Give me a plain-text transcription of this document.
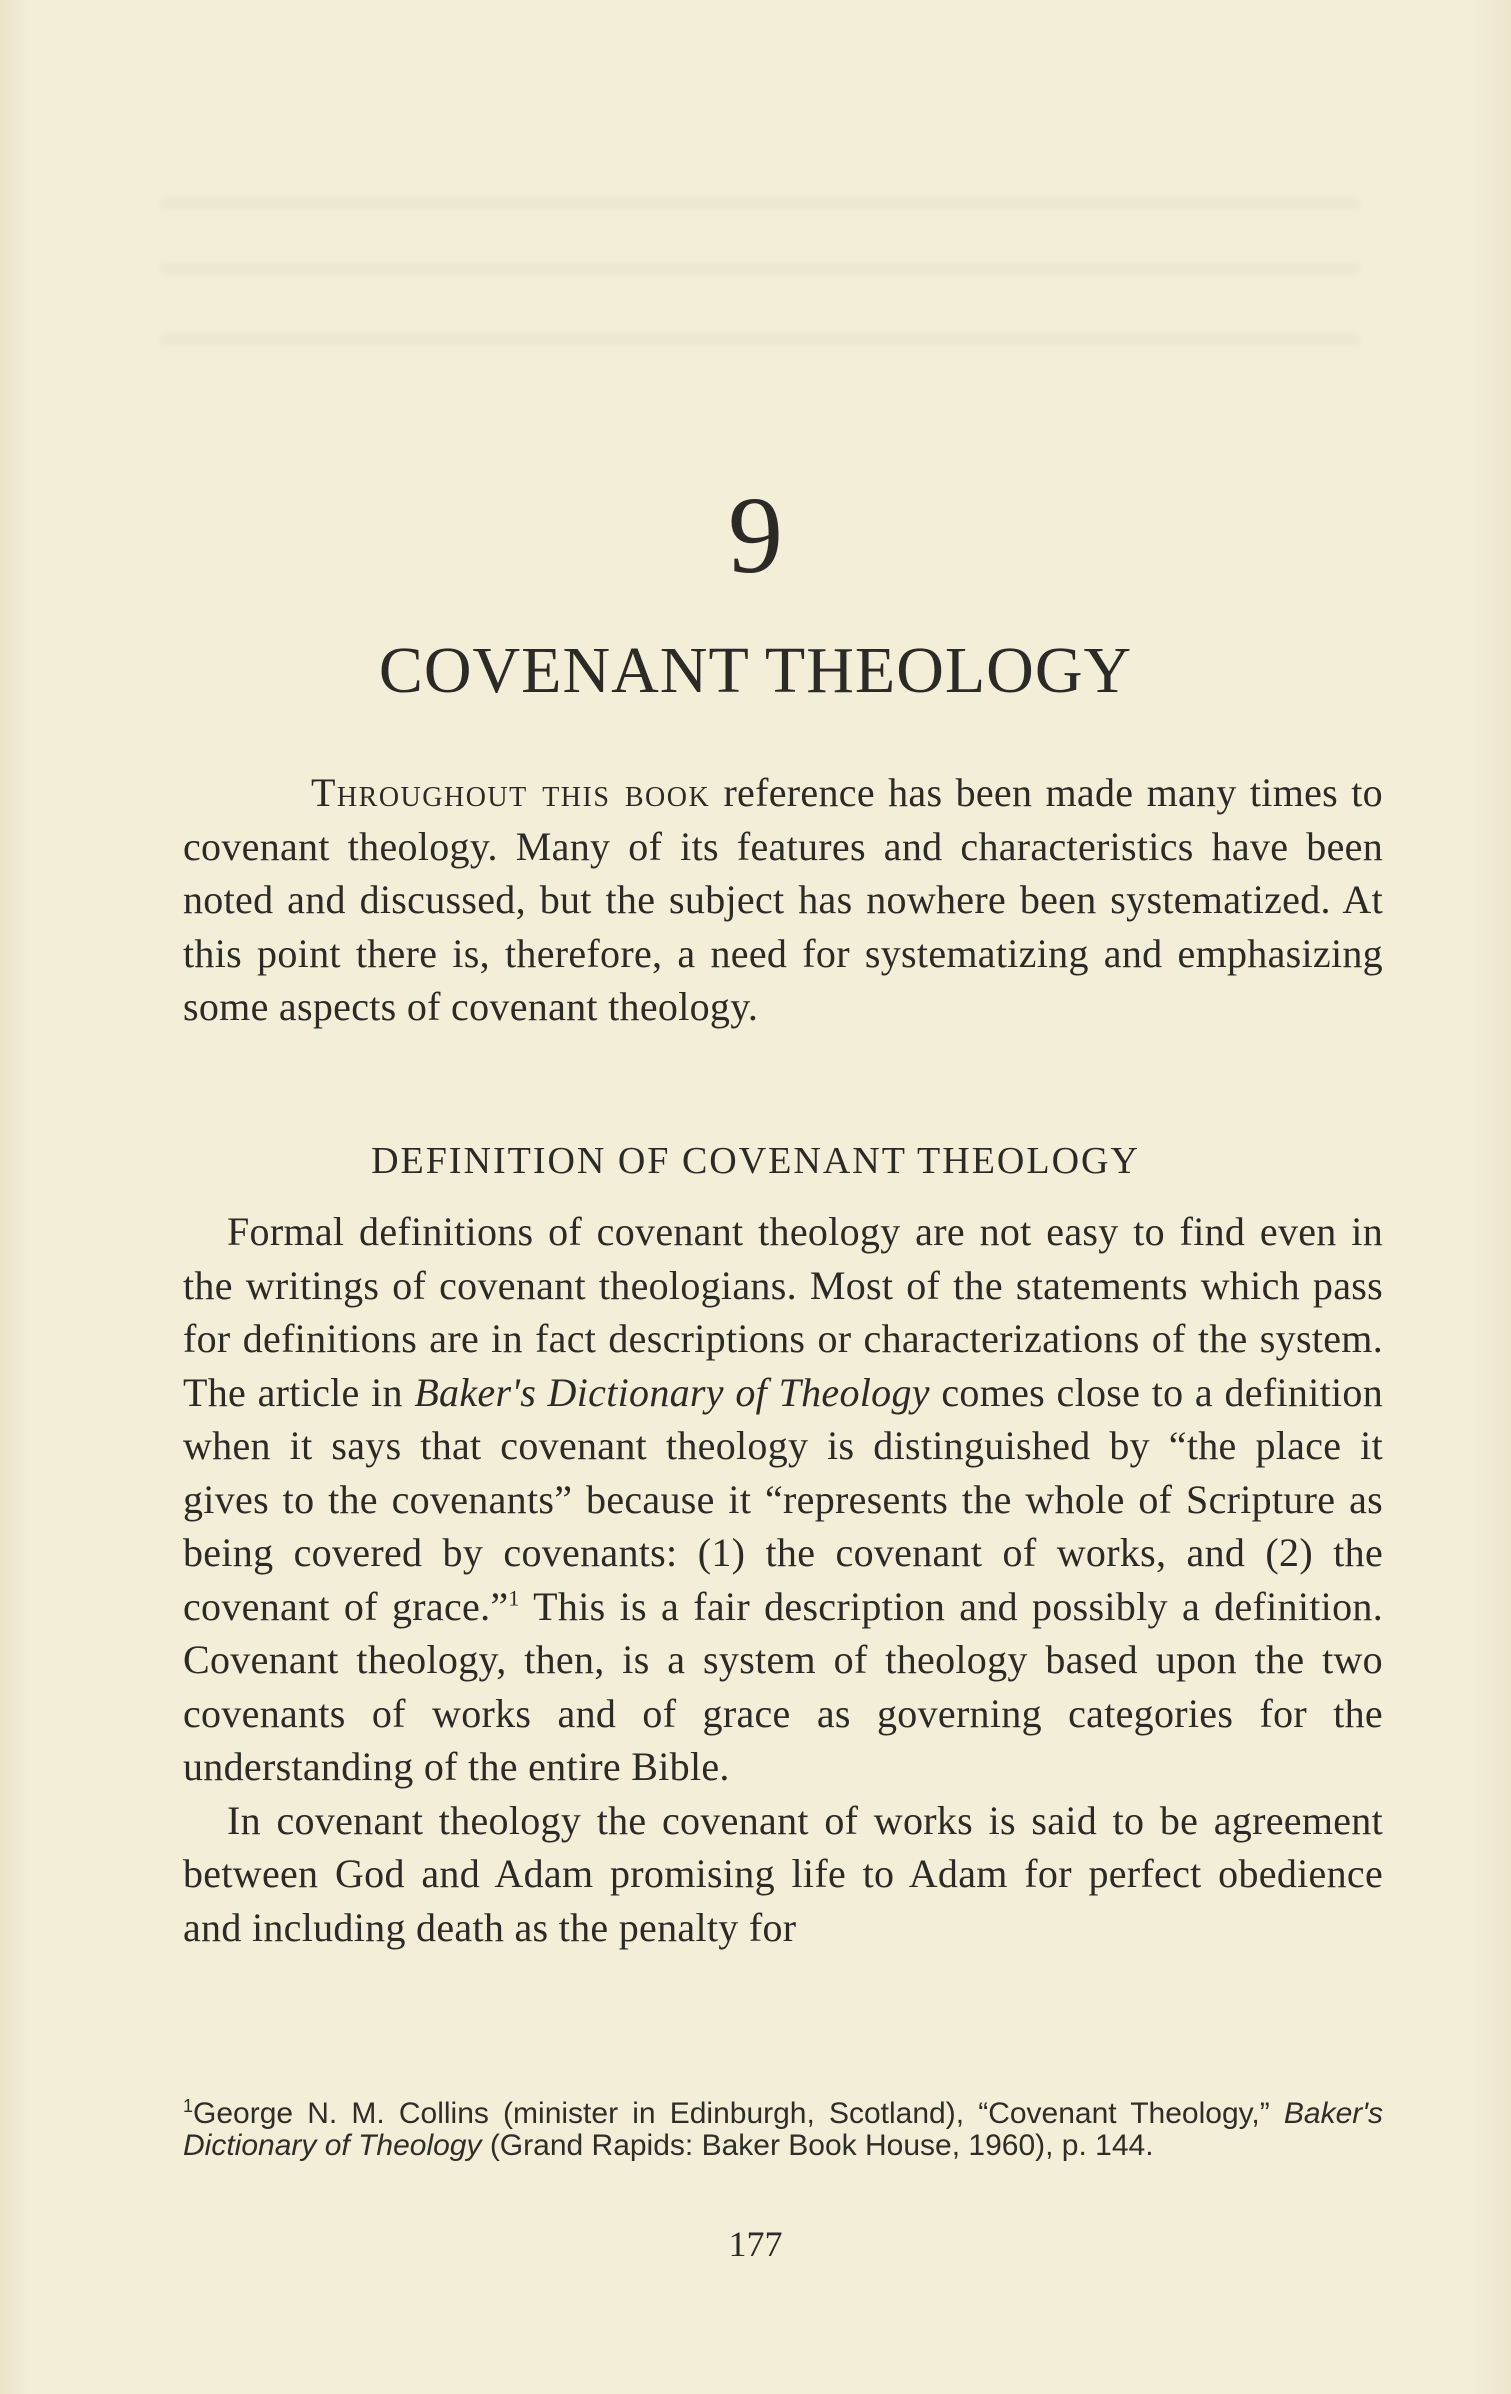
9
COVENANT THEOLOGY

Throughout this book reference has been made many times to covenant theology. Many of its features and characteristics have been noted and discussed, but the subject has nowhere been systematized. At this point there is, therefore, a need for systematizing and emphasizing some aspects of covenant theology.

DEFINITION OF COVENANT THEOLOGY

Formal definitions of covenant theology are not easy to find even in the writings of covenant theologians. Most of the statements which pass for definitions are in fact descriptions or characterizations of the system. The article in Baker's Dictionary of Theology comes close to a definition when it says that covenant theology is distinguished by “the place it gives to the covenants” because it “represents the whole of Scripture as being covered by covenants: (1) the covenant of works, and (2) the covenant of grace.”$^1$ This is a fair description and possibly a definition. Covenant theology, then, is a system of theology based upon the two covenants of works and of grace as governing categories for the understanding of the entire Bible.

In covenant theology the covenant of works is said to be agreement between God and Adam promising life to Adam for perfect obedience and including death as the penalty for

$^1$George N. M. Collins (minister in Edinburgh, Scotland), “Covenant Theology,” Baker's Dictionary of Theology (Grand Rapids: Baker Book House, 1960), p. 144.

177
